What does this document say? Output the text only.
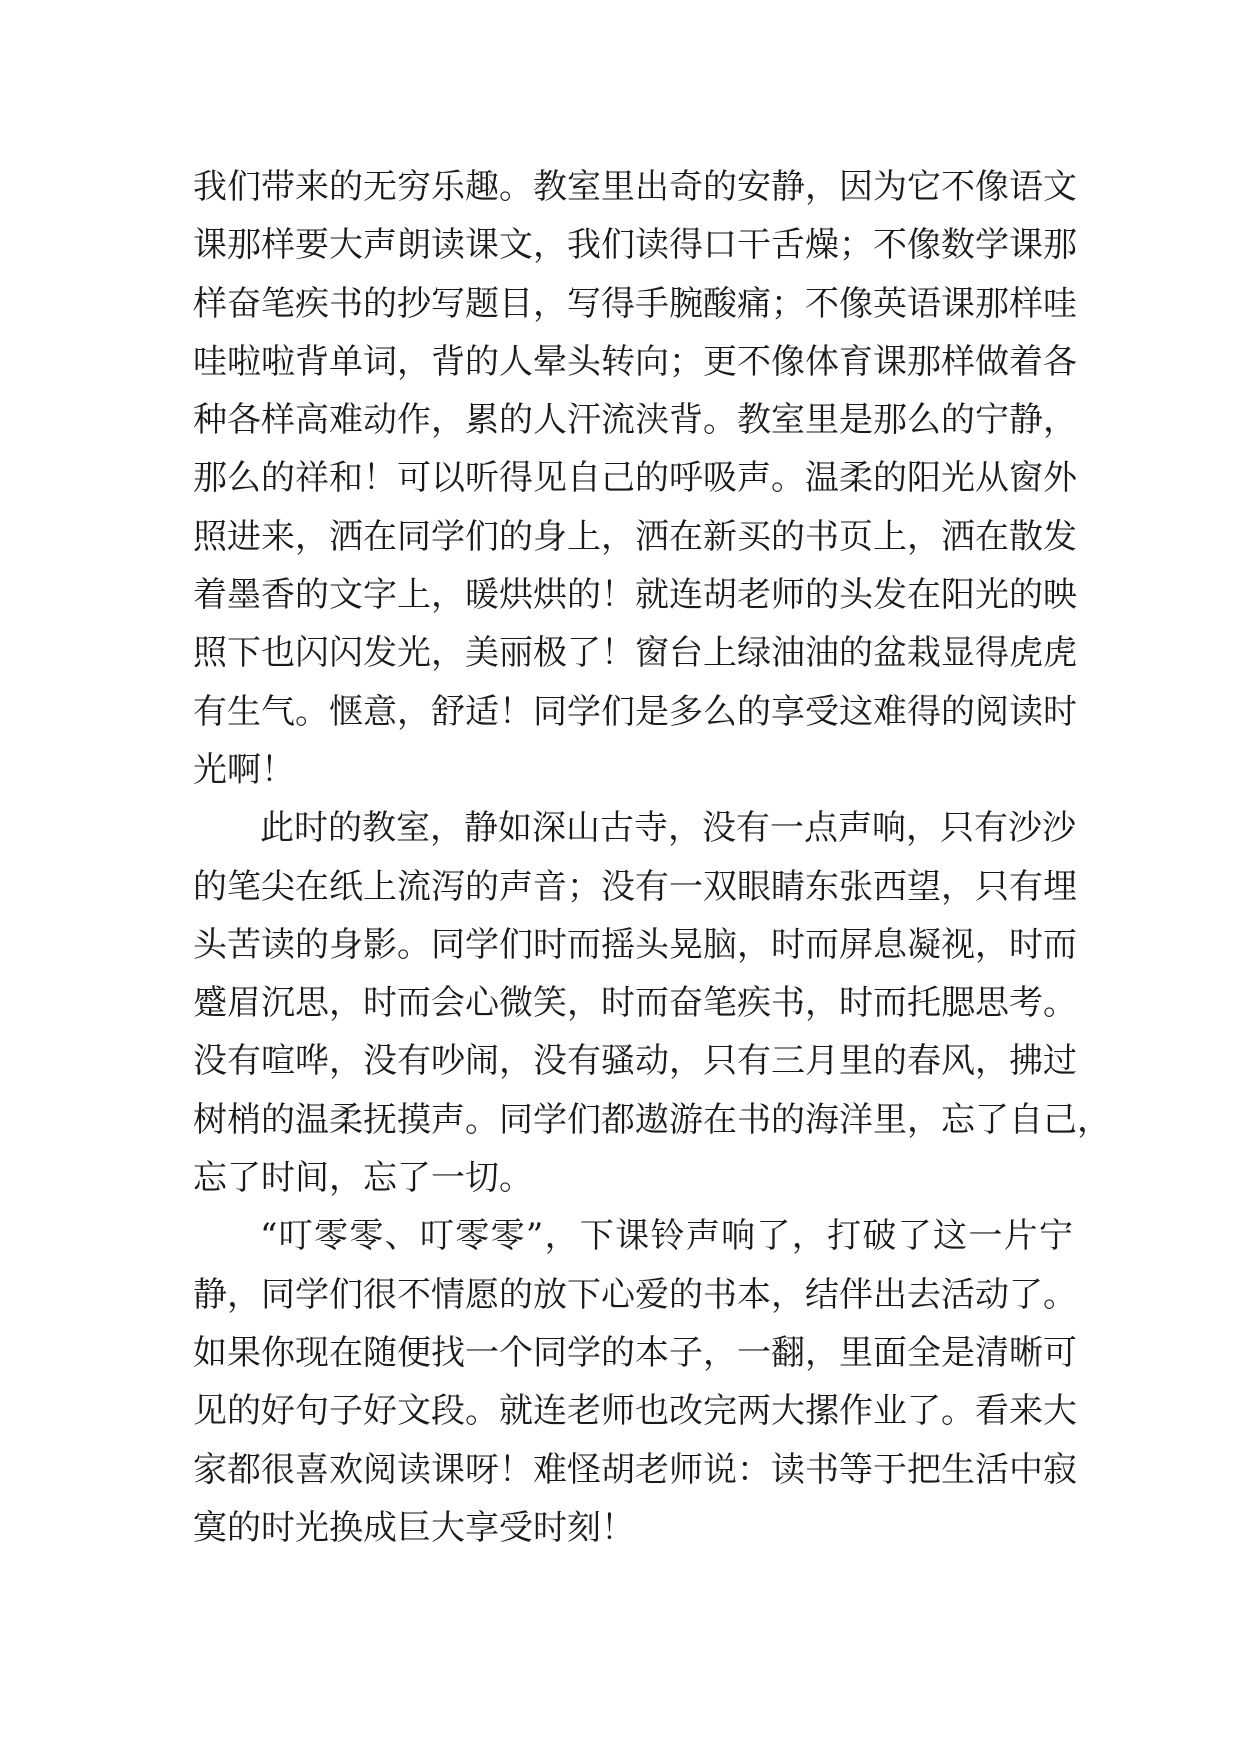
我们带来的无穷乐趣。教室里出奇的安静，因为它不像语文
课那样要大声朗读课文，我们读得口干舌燥；不像数学课那
样奋笔疾书的抄写题目，写得手腕酸痛；不像英语课那样哇
哇啦啦背单词，背的人晕头转向；更不像体育课那样做着各
种各样高难动作，累的人汗流浃背。教室里是那么的宁静，
那么的祥和！可以听得见自己的呼吸声。温柔的阳光从窗外
照进来，洒在同学们的身上，洒在新买的书页上，洒在散发
着墨香的文字上，暖烘烘的！就连胡老师的头发在阳光的映
照下也闪闪发光，美丽极了！窗台上绿油油的盆栽显得虎虎
有生气。惬意，舒适！同学们是多么的享受这难得的阅读时
光啊！
此时的教室，静如深山古寺，没有一点声响，只有沙沙
的笔尖在纸上流泻的声音；没有一双眼睛东张西望，只有埋
头苦读的身影。同学们时而摇头晃脑，时而屏息凝视，时而
蹙眉沉思，时而会心微笑，时而奋笔疾书，时而托腮思考。
没有喧哗，没有吵闹，没有骚动，只有三月里的春风，拂过
树梢的温柔抚摸声。同学们都遨游在书的海洋里，忘了自己，
忘了时间，忘了一切。
“叮零零、叮零零”，下课铃声响了，打破了这一片宁
静，同学们很不情愿的放下心爱的书本，结伴出去活动了。
如果你现在随便找一个同学的本子，一翻，里面全是清晰可
见的好句子好文段。就连老师也改完两大摞作业了。看来大
家都很喜欢阅读课呀！难怪胡老师说：读书等于把生活中寂
寞的时光换成巨大享受时刻！
